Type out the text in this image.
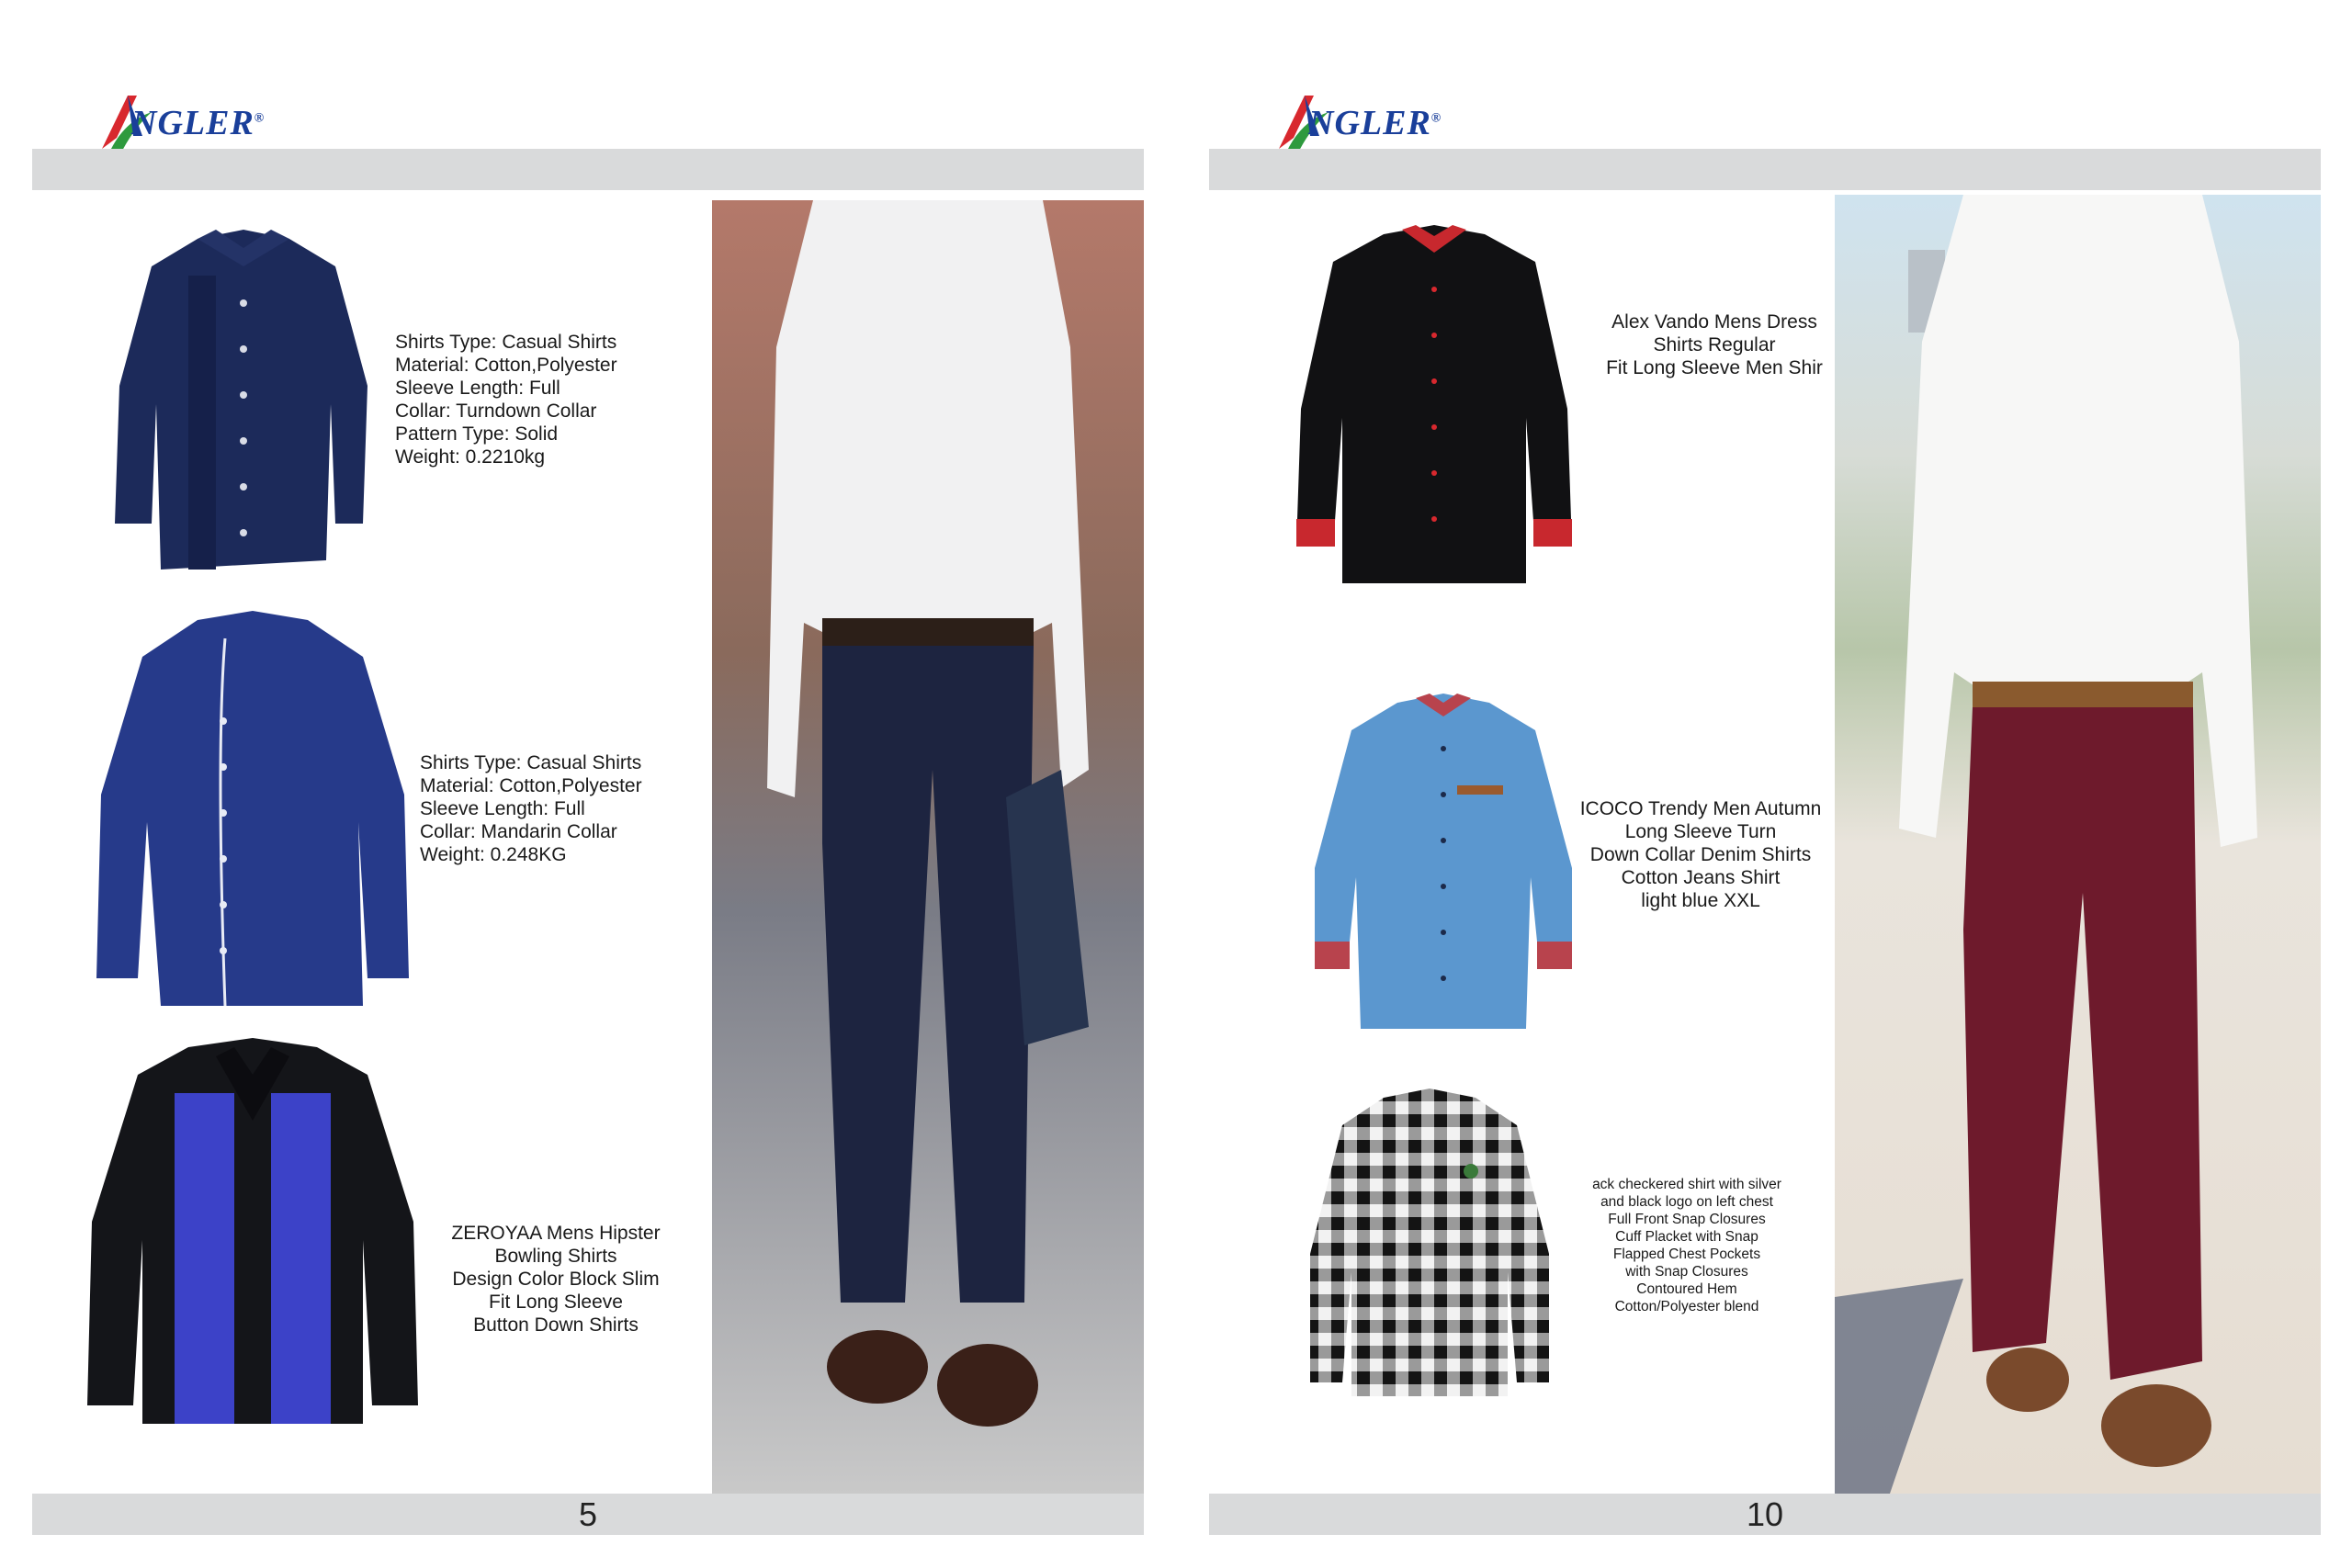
NGLER®
Shirts Type: Casual Shirts
Material: Cotton,Polyester
Sleeve Length: Full
Collar: Turndown Collar
Pattern Type: Solid
Weight: 0.2210kg
Shirts Type: Casual Shirts
Material: Cotton,Polyester
Sleeve Length: Full
Collar: Mandarin Collar
Weight: 0.248KG
ZEROYAA Mens Hipster
Bowling Shirts
Design Color Block Slim
Fit Long Sleeve
Button Down Shirts
5
NGLER®
Alex Vando Mens Dress
Shirts Regular
Fit Long Sleeve Men Shir
ICOCO Trendy Men Autumn
Long Sleeve Turn
Down Collar Denim Shirts
Cotton Jeans Shirt
light blue XXL
ack checkered shirt with silver
and black logo on left chest
Full Front Snap Closures
Cuff Placket with Snap
Flapped Chest Pockets
with Snap Closures
Contoured Hem
Cotton/Polyester blend
10
